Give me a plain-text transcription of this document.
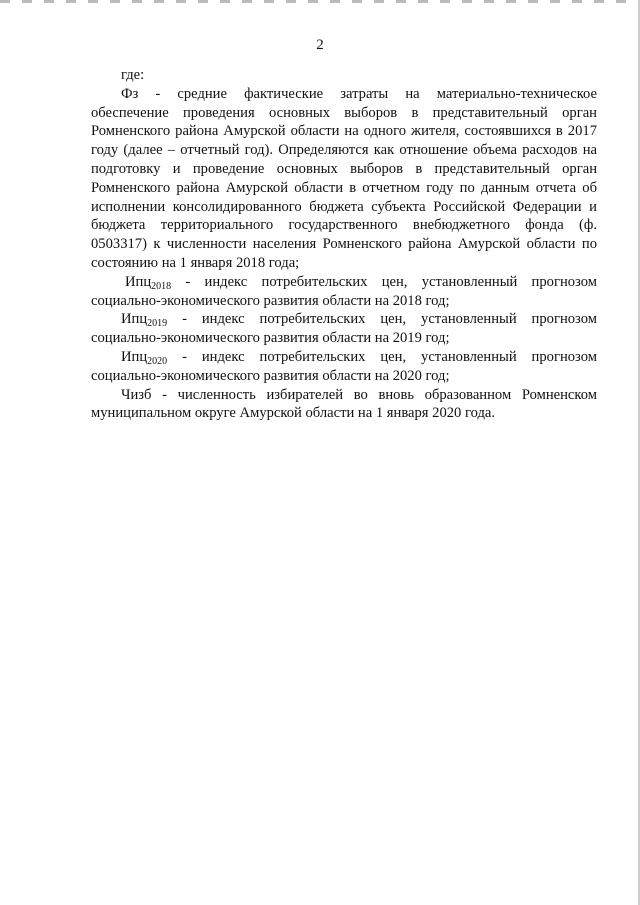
2

где:

Фз - средние фактические затраты на материально-техническое обеспечение проведения основных выборов в представительный орган Ромненского района Амурской области на одного жителя, состоявшихся в 2017 году (далее – отчетный год). Определяются как отношение объема расходов на подготовку и проведение основных выборов в представительный орган Ромненского района Амурской области в отчетном году по данным отчета об исполнении консолидированного бюджета субъекта Российской Федерации и бюджета территориального государственного внебюджетного фонда (ф. 0503317) к численности населения Ромненского района Амурской области по состоянию на 1 января 2018 года;

Ипц$_{2018}$ - индекс потребительских цен, установленный прогнозом социально-экономического развития области на 2018 год;

Ипц$_{2019}$ - индекс потребительских цен, установленный прогнозом социально-экономического развития области на 2019 год;

Ипц$_{2020}$ - индекс потребительских цен, установленный прогнозом социально-экономического развития области на 2020 год;

Чизб - численность избирателей во вновь образованном Ромненском муниципальном округе Амурской области на 1 января 2020 года.
